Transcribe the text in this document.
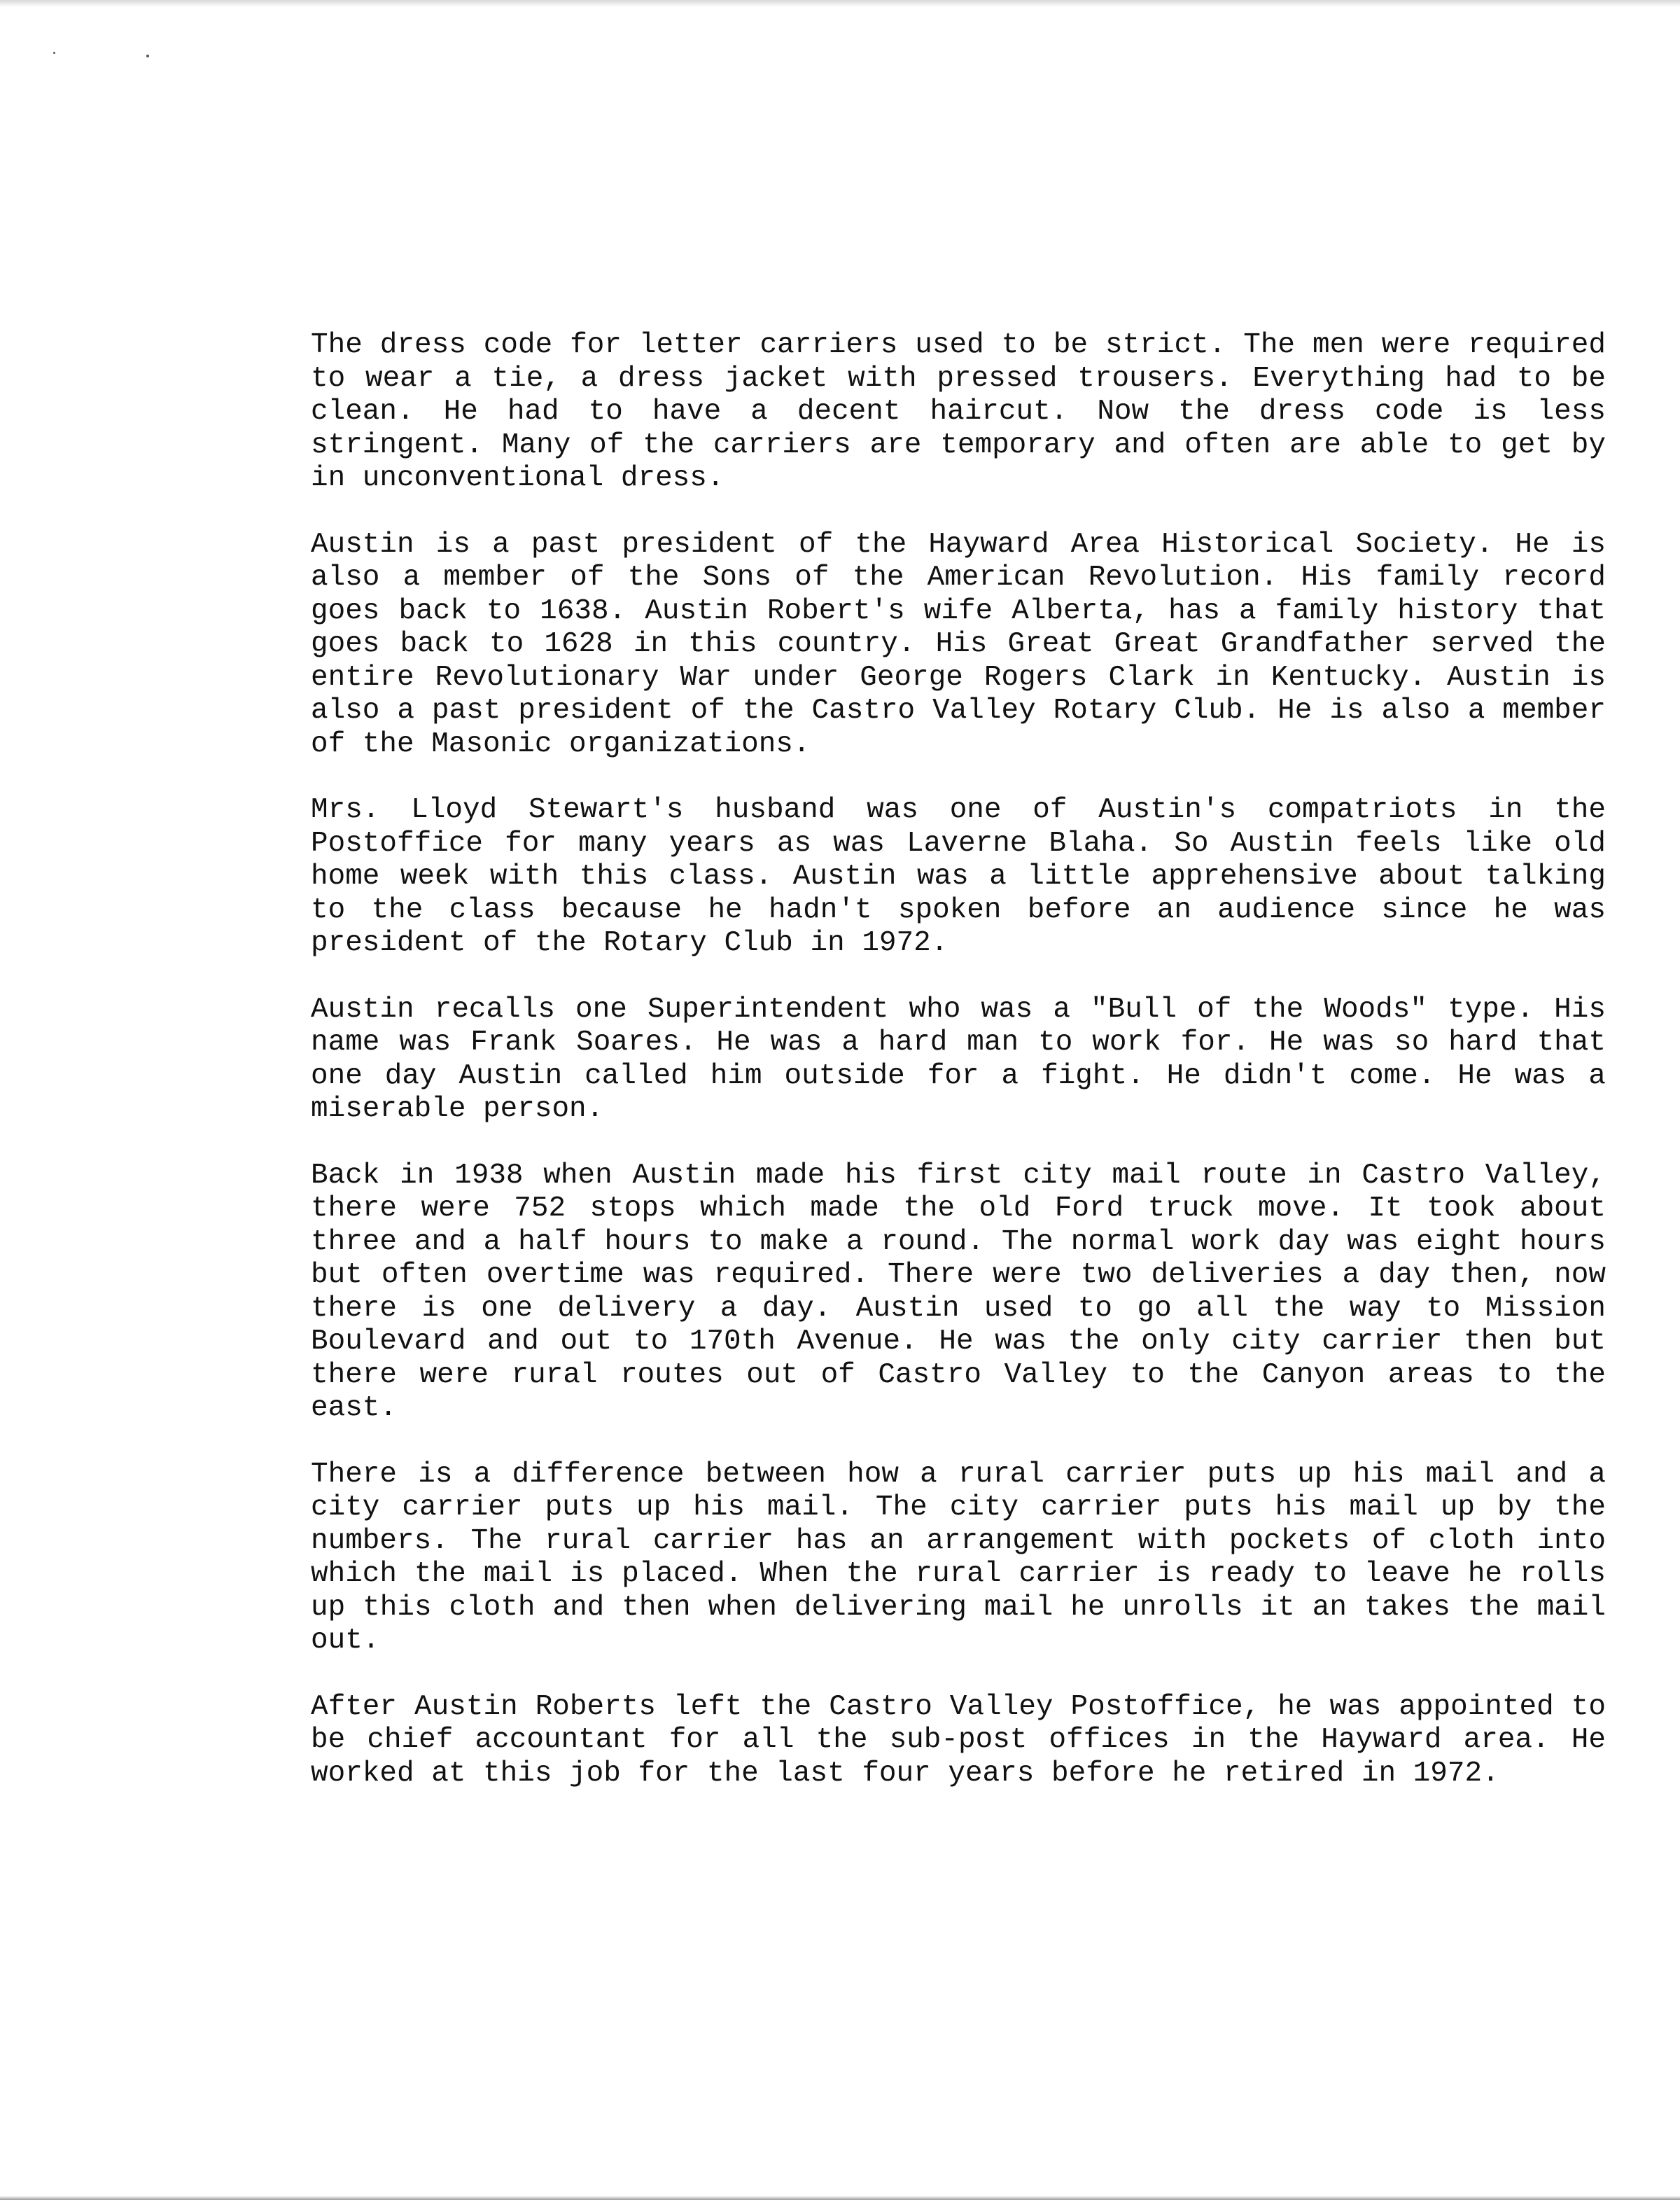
The dress code for letter carriers used to be strict. The men were required to wear a tie, a dress jacket with pressed trousers. Everything had to be clean. He had to have a decent haircut. Now the dress code is less stringent. Many of the carriers are temporary and often are able to get by in unconventional dress.

Austin is a past president of the Hayward Area Historical Society. He is also a member of the Sons of the American Revolution. His family record goes back to 1638. Austin Robert's wife Alberta, has a family history that goes back to 1628 in this country. His Great Great Grandfather served the entire Revolutionary War under George Rogers Clark in Kentucky. Austin is also a past president of the Castro Valley Rotary Club. He is also a member of the Masonic organizations.

Mrs. Lloyd Stewart's husband was one of Austin's compatriots in the Postoffice for many years as was Laverne Blaha. So Austin feels like old home week with this class. Austin was a little apprehensive about talking to the class because he hadn't spoken before an audience since he was president of the Rotary Club in 1972.

Austin recalls one Superintendent who was a "Bull of the Woods" type. His name was Frank Soares. He was a hard man to work for. He was so hard that one day Austin called him outside for a fight. He didn't come. He was a miserable person.

Back in 1938 when Austin made his first city mail route in Castro Valley, there were 752 stops which made the old Ford truck move. It took about three and a half hours to make a round. The normal work day was eight hours but often overtime was required. There were two deliveries a day then, now there is one delivery a day. Austin used to go all the way to Mission Boulevard and out to 170th Avenue. He was the only city carrier then but there were rural routes out of Castro Valley to the Canyon areas to the east.

There is a difference between how a rural carrier puts up his mail and a city carrier puts up his mail. The city carrier puts his mail up by the numbers. The rural carrier has an arrangement with pockets of cloth into which the mail is placed. When the rural carrier is ready to leave he rolls up this cloth and then when delivering mail he unrolls it an takes the mail out.

After Austin Roberts left the Castro Valley Postoffice, he was appointed to be chief accountant for all the sub-post offices in the Hayward area. He worked at this job for the last four years before he retired in 1972.
